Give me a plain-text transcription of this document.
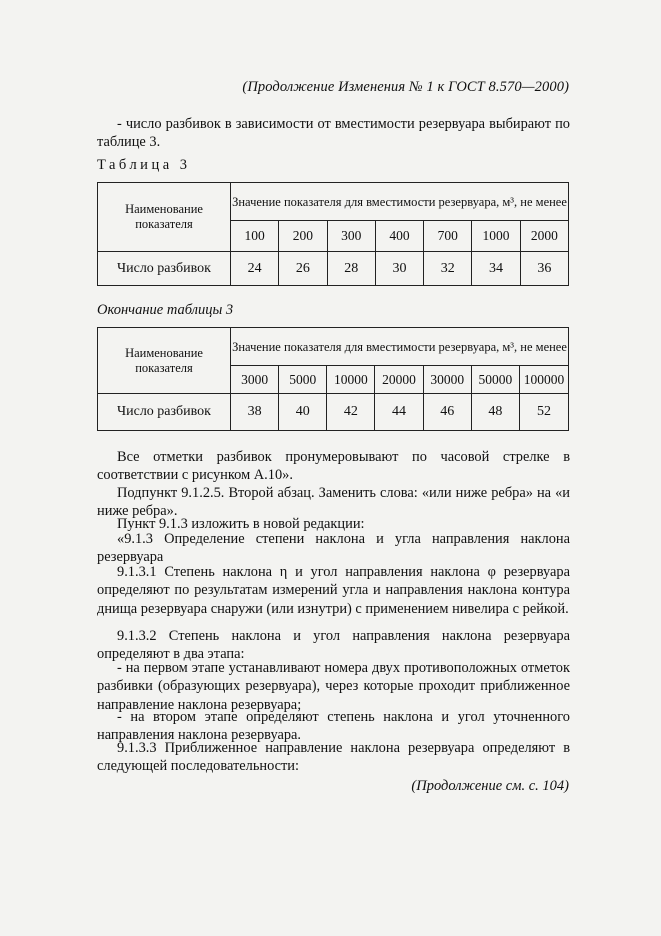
(Продолжение Изменения № 1 к ГОСТ 8.570—2000)
- число разбивок в зависимости от вместимости резервуара выбирают по таблице 3.
Таблица 3
Наименование показателя	Значение показателя для вместимости резервуара, м³, не менее						
	100	200	300	400	700	1000	2000
Число разбивок	24	26	28	30	32	34	36
Окончание таблицы 3
Наименование показателя	Значение показателя для вместимости резервуара, м³, не менее						
	3000	5000	10000	20000	30000	50000	100000
Число разбивок	38	40	42	44	46	48	52
Все отметки разбивок пронумеровывают по часовой стрелке в соответствии с рисунком А.10».
Подпункт 9.1.2.5. Второй абзац. Заменить слова: «или ниже ребра» на «и ниже ребра».
Пункт 9.1.3 изложить в новой редакции:
«9.1.3 Определение степени наклона и угла направления наклона резервуара
9.1.3.1 Степень наклона η и угол направления наклона φ резервуара определяют по результатам измерений угла и направления наклона контура днища резервуара снаружи (или изнутри) с применением нивелира с рейкой.
9.1.3.2 Степень наклона и угол направления наклона резервуара определяют в два этапа:
- на первом этапе устанавливают номера двух противоположных отметок разбивки (образующих резервуара), через которые проходит приближенное направление наклона резервуара;
- на втором этапе определяют степень наклона и угол уточненного направления наклона резервуара.
9.1.3.3 Приближенное направление наклона резервуара определяют в следующей последовательности:
(Продолжение см. с. 104)
